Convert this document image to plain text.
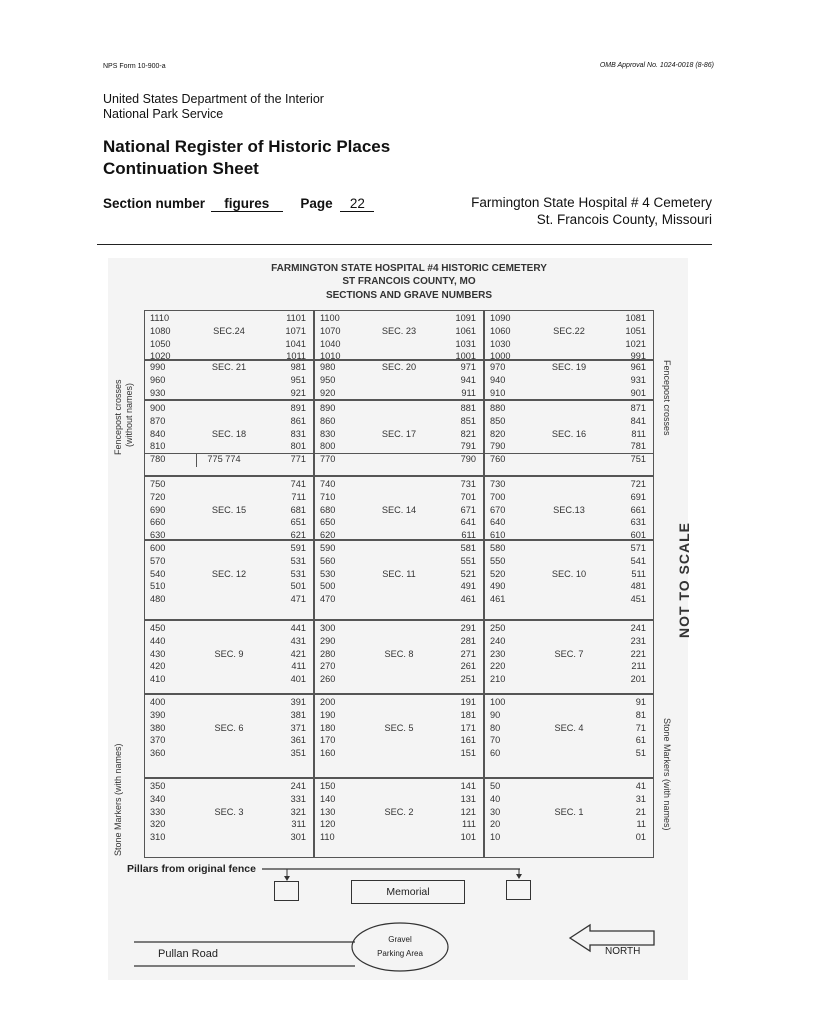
NPS Form 10-900-a	OMB Approval No. 1024-0018 (8-86)
United States Department of the Interior
National Park Service
National Register of Historic Places
Continuation Sheet
Section number figures Page 22	Farmington State Hospital # 4 Cemetery
St. Francois County, Missouri
FARMINGTON STATE HOSPITAL #4 HISTORIC CEMETERY
ST FRANCOIS COUNTY, MO
SECTIONS AND GRAVE NUMBERS
1110	1101
1080	SEC.24	1071
1050	1041
1020	1011
1100	1091
1070	SEC. 23	1061
1040	1031
1010	1001
1090	1081
1060	SEC.22	1051
1030	1021
1000	991
990	SEC. 21	981
960	951
930	921
980	SEC. 20	971
950	941
920	911
970	SEC. 19	961
940	931
910	901
900	891
870	861
840	SEC. 18	831
810	801
780	775 774	771
890	881
860	851
830	SEC. 17	821
800	791
770	790
880	871
850	841
820	SEC. 16	811
790	781
760	751
750	741
720	711
690	SEC. 15	681
660	651
630	621
740	731
710	701
680	SEC. 14	671
650	641
620	611
730	721
700	691
670	SEC.13	661
640	631
610	601
600	591
570	531
540	SEC. 12	531
510	501
480	471
590	581
560	551
530	SEC. 11	521
500	491
470	461
580	571
550	541
520	SEC. 10	511
490	481
461	451
450	441
440	431
430	SEC. 9	421
420	411
410	401
300	291
290	281
280	SEC. 8	271
270	261
260	251
250	241
240	231
230	SEC. 7	221
220	211
210	201
400	391
390	381
380	SEC. 6	371
370	361
360	351
200	191
190	181
180	SEC. 5	171
170	161
160	151
100	91
90	81
80	SEC. 4	71
70	61
60	51
350	241
340	331
330	SEC. 3	321
320	311
310	301
150	141
140	131
130	SEC. 2	121
120	111
110	101
50	41
40	31
30	SEC. 1	21
20	11
10	01
Fencepost crosses (without names)	Fencepost crosses
Stone Markers (with names)	Stone Markers (with names)
NOT TO SCALE
Pillars from original fence
Memorial
Gravel
Parking Area
Pullan Road	NORTH
